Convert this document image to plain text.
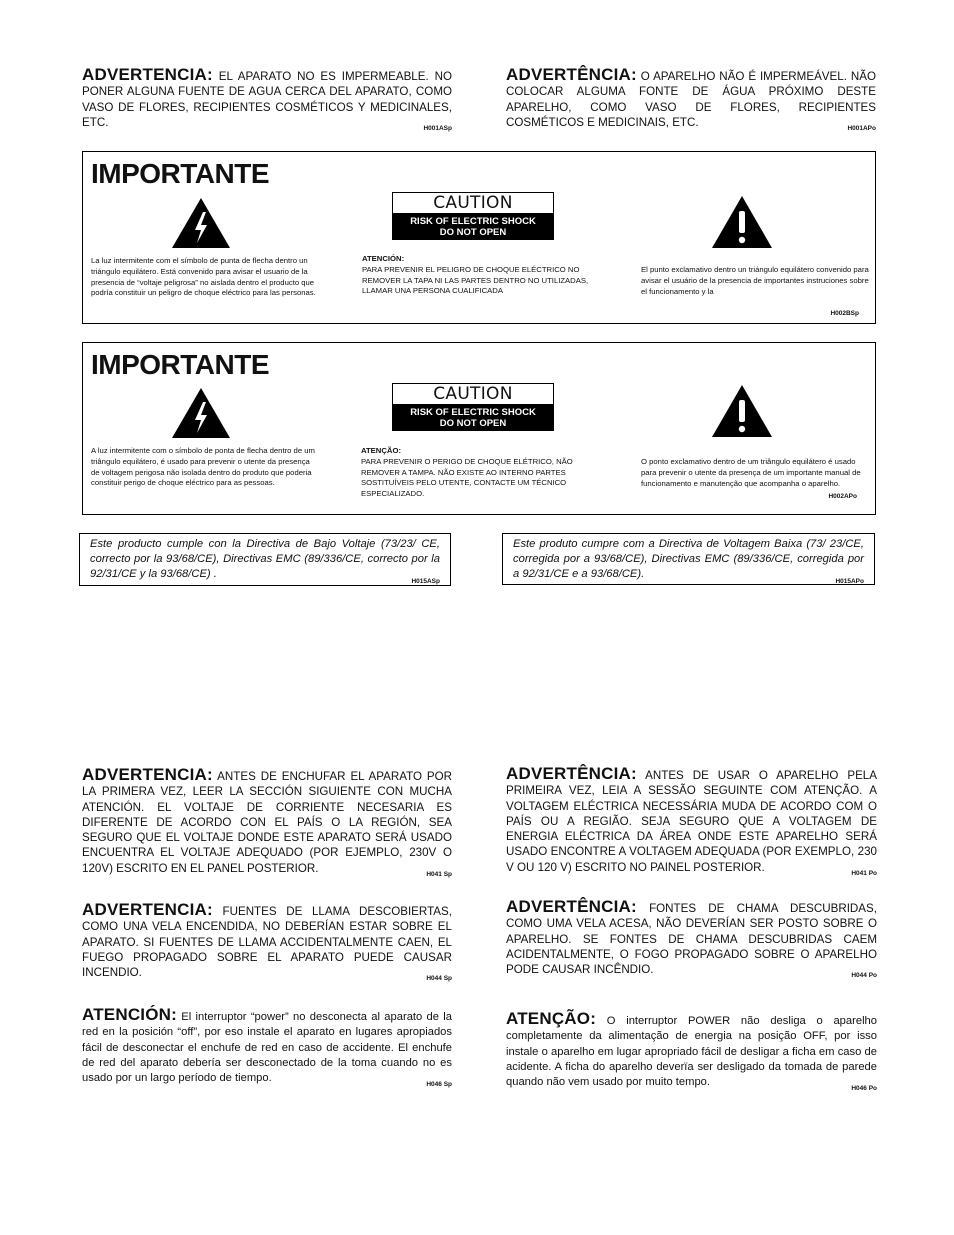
ADVERTENCIA: EL APARATO NO ES IMPERMEABLE. NO PONER ALGUNA FUENTE DE AGUA CERCA DEL APARATO, COMO VASO DE FLORES, RECIPIENTES COSMÉTICOS Y MEDICINALES, ETC.	H001ASp
ADVERTÊNCIA: O APARELHO NÃO É IMPERMEÁVEL. NÃO COLOCAR ALGUMA FONTE DE ÁGUA PRÓXIMO DESTE APARELHO, COMO VASO DE FLORES, RECIPIENTES COSMÉTICOS E MEDICINAIS, ETC.	H001APo
IMPORTANTE
CAUTION
RISK OF ELECTRIC SHOCK
DO NOT OPEN
La luz intermitente com el símbolo de punta de flecha dentro un triángulo equilátero. Está convenido para avisar el usuario de la presencia de “voltaje peligrosa” no aislada dentro el producto que podría constituir un peligro de choque eléctrico para las personas.
ATENCIÓN:
PARA PREVENIR EL PELIGRO DE CHOQUE ELÉCTRICO NO REMOVER LA TAPA NI LAS PARTES DENTRO NO UTILIZADAS, LLAMAR UNA PERSONA CUALIFICADA
El punto exclamativo dentro un triángulo equilátero convenido para avisar el usuário de la presencia de importantes instruciones sobre el funcionamento y la
H002BSp
IMPORTANTE
CAUTION
RISK OF ELECTRIC SHOCK
DO NOT OPEN
A luz intermitente com o símbolo de ponta de flecha dentro de um triângulo equilátero, é usado para prevenir o utente da presença de voltagem perigosa não isolada dentro do produto que poderia constituir perigo de choque eléctrico para as pessoas.
ATENÇÃO:
PARA PREVENIR O PERIGO DE CHOQUE ELÉTRICO, NÃO REMOVER A TAMPA. NÃO EXISTE AO INTERNO PARTES SOSTITUÍVEIS PELO UTENTE, CONTACTE UM TÉCNICO ESPECIALIZADO.
O ponto exclamativo dentro de um triângulo equilátero é usado para prevenir o utente da presença de um importante manual de funcionamento e manutenção que acompanha o aparelho.
H002APo
Este producto cumple con la Directiva de Bajo Voltaje (73/23/ CE, correcto por la 93/68/CE), Directivas EMC (89/336/CE, correcto por la 92/31/CE y la 93/68/CE) .
H015ASp
Este produto cumpre com a Directiva de Voltagem Baixa (73/ 23/CE, corregida por a 93/68/CE), Directivas EMC (89/336/CE, corregida por a 92/31/CE e a 93/68/CE).
H015APo
ADVERTENCIA: ANTES DE ENCHUFAR EL APARATO POR LA PRIMERA VEZ, LEER LA SECCIÓN SIGUIENTE CON MUCHA ATENCIÓN. EL VOLTAJE DE CORRIENTE NECESARIA ES DIFERENTE DE ACORDO CON EL PAÍS O LA REGIÓN, SEA SEGURO QUE EL VOLTAJE DONDE ESTE APARATO SERÁ USADO ENCUENTRA EL VOLTAJE ADEQUADO (POR EJEMPLO, 230V O 120V) ESCRITO EN EL PANEL POSTERIOR.	H041 Sp
ADVERTENCIA: FUENTES DE LLAMA DESCOBIERTAS, COMO UNA VELA ENCENDIDA, NO DEBERÍAN ESTAR SOBRE EL APARATO. SI FUENTES DE LLAMA ACCIDENTALMENTE CAEN, EL FUEGO PROPAGADO SOBRE EL APARATO PUEDE CAUSAR INCENDIO.	H044 Sp
ATENCIÓN: El interruptor “power” no desconecta al aparato de la red en la posición “off”, por eso instale el aparato en lugares apropiados fácil de desconectar el enchufe de red en caso de accidente. El enchufe de red del aparato debería ser desconectado de la toma cuando no es usado por un largo período de tiempo.
H046 Sp
ADVERTÊNCIA: ANTES DE USAR O APARELHO PELA PRIMEIRA VEZ, LEIA A SESSÃO SEGUINTE COM ATENÇÃO. A VOLTAGEM ELÉCTRICA NECESSÁRIA MUDA DE ACORDO COM O PAÍS OU A REGIÃO. SEJA SEGURO QUE A VOLTAGEM DE ENERGIA ELÉCTRICA DA ÁREA ONDE ESTE APARELHO SERÁ USADO ENCONTRE A VOLTAGEM ADEQUADA (POR EXEMPLO, 230 V OU 120 V) ESCRITO NO PAINEL POSTERIOR.	H041 Po
ADVERTÊNCIA: FONTES DE CHAMA DESCUBRIDAS, COMO UMA VELA ACESA, NÃO DEVERÍAN SER POSTO SOBRE O APARELHO. SE FONTES DE CHAMA DESCUBRIDAS CAEM ACIDENTALMENTE, O FOGO PROPAGADO SOBRE O APARELHO PODE CAUSAR INCÊNDIO.	H044 Po
ATENÇÃO: O interruptor POWER não desliga o aparelho completamente da alimentação de energia na posição OFF, por isso instale o aparelho em lugar apropriado fácil de desligar a ficha em caso de acidente. A ficha do aparelho deverïa ser desligado da tomada de parede quando não vem usado por muito tempo.
H046 Po
